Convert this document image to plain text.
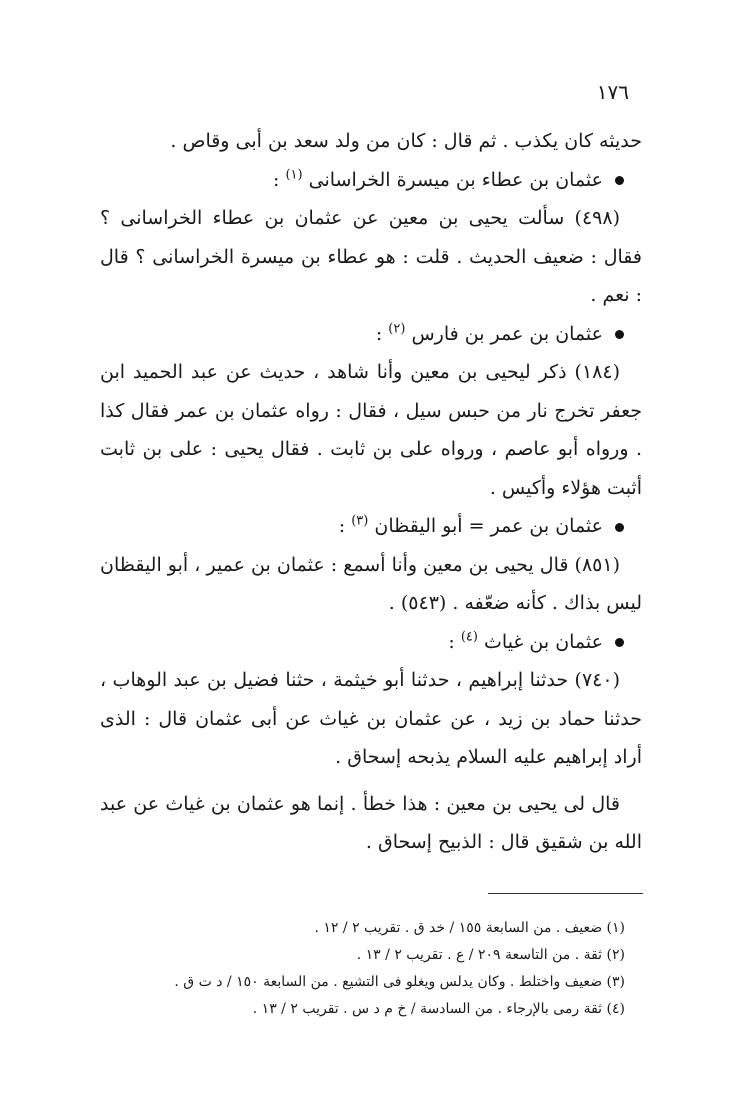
١٧٦

حديثه كان يكذب . ثم قال : كان من ولد سعد بن أبى وقاص .

عثمان بن عطاء بن ميسرة الخراسانى $^{(١)}$ :

(٤٩٨) سألت يحيى بن معين عن عثمان بن عطاء الخراسانى ؟ فقال : ضعيف الحديث . قلت : هو عطاء بن ميسرة الخراسانى ؟ قال : نعم .

عثمان بن عمر بن فارس $^{(٢)}$ :

(١٨٤) ذكر ليحيى بن معين وأنا شاهد ، حديث عن عبد الحميد ابن جعفر تخرج نار من حبس سيل ، فقال : رواه عثمان بن عمر فقال كذا . ورواه أبو عاصم ، ورواه على بن ثابت . فقال يحيى : على بن ثابت أثبت هؤلاء وأكيس .

عثمان بن عمر = أبو اليقظان $^{(٣)}$ :

(٨٥١) قال يحيى بن معين وأنا أسمع : عثمان بن عمير ، أبو اليقظان ليس بذاك . كأنه ضعّفه . (٥٤٣) .

عثمان بن غياث $^{(٤)}$ :

(٧٤٠) حدثنا إبراهيم ، حدثنا أبو خيثمة ، حثنا فضيل بن عبد الوهاب ، حدثنا حماد بن زيد ، عن عثمان بن غياث عن أبى عثمان قال : الذى أراد إبراهيم عليه السلام يذبحه إسحاق .

قال لى يحيى بن معين : هذا خطأ . إنما هو عثمان بن غياث عن عبد الله بن شقيق قال : الذبيح إسحاق .

(١) ضعيف . من السابعة ١٥٥ / خد ق . تقريب ٢ / ١٢ .

(٢) ثقة . من التاسعة ٢٠٩ / ع . تقريب ٢ / ١٣ .

(٣) ضعيف واختلط . وكان يدلس ويغلو فى التشيع . من السابعة ١٥٠ / د ت ق .

(٤) ثقة رمى بالإرجاء . من السادسة / خ م د س . تقريب ٢ / ١٣ .
